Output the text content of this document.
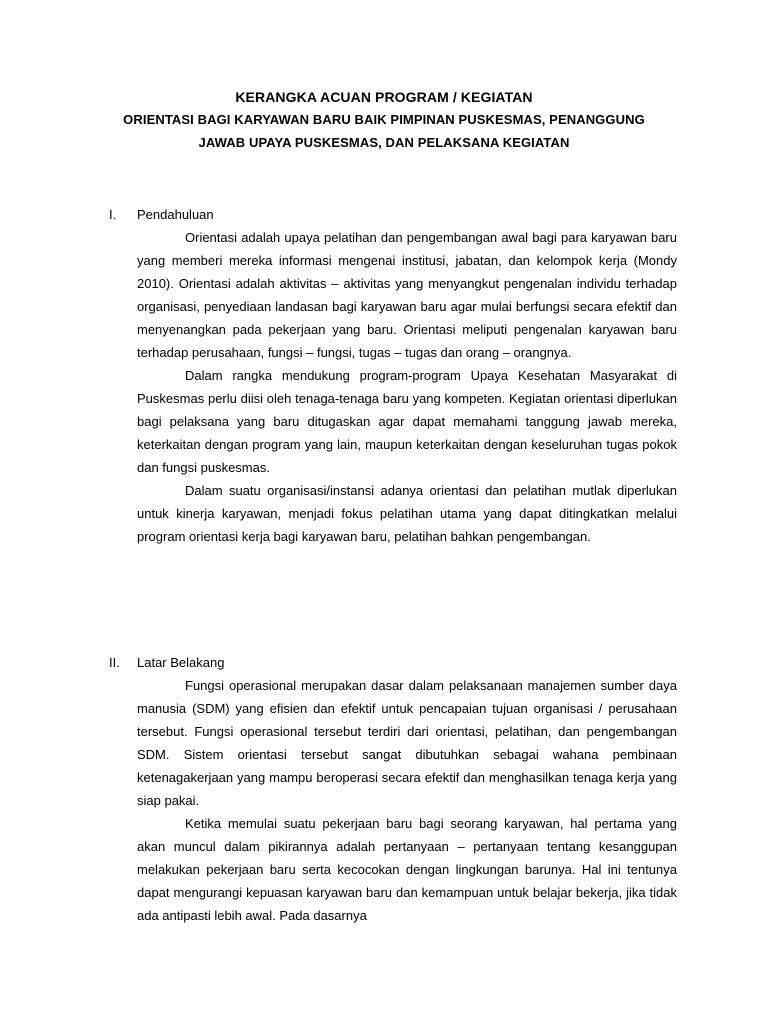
KERANGKA ACUAN PROGRAM / KEGIATAN
ORIENTASI BAGI KARYAWAN BARU BAIK PIMPINAN PUSKESMAS, PENANGGUNG
JAWAB UPAYA PUSKESMAS, DAN PELAKSANA KEGIATAN
I. Pendahuluan

Orientasi adalah upaya pelatihan dan pengembangan awal bagi para karyawan baru yang memberi mereka informasi mengenai institusi, jabatan, dan kelompok kerja (Mondy 2010). Orientasi adalah aktivitas – aktivitas yang menyangkut pengenalan individu terhadap organisasi, penyediaan landasan bagi karyawan baru agar mulai berfungsi secara efektif dan menyenangkan pada pekerjaan yang baru. Orientasi meliputi pengenalan karyawan baru terhadap perusahaan, fungsi – fungsi, tugas – tugas dan orang – orangnya.

Dalam rangka mendukung program-program Upaya Kesehatan Masyarakat di Puskesmas perlu diisi oleh tenaga-tenaga baru yang kompeten. Kegiatan orientasi diperlukan bagi pelaksana yang baru ditugaskan agar dapat memahami tanggung jawab mereka, keterkaitan dengan program yang lain, maupun keterkaitan dengan keseluruhan tugas pokok dan fungsi puskesmas.

Dalam suatu organisasi/instansi adanya orientasi dan pelatihan mutlak diperlukan untuk kinerja karyawan, menjadi fokus pelatihan utama yang dapat ditingkatkan melalui program orientasi kerja bagi karyawan baru, pelatihan bahkan pengembangan.

II. Latar Belakang

Fungsi operasional merupakan dasar dalam pelaksanaan manajemen sumber daya manusia (SDM) yang efisien dan efektif untuk pencapaian tujuan organisasi / perusahaan tersebut. Fungsi operasional tersebut terdiri dari orientasi, pelatihan, dan pengembangan SDM. Sistem orientasi tersebut sangat dibutuhkan sebagai wahana pembinaan ketenagakerjaan yang mampu beroperasi secara efektif dan menghasilkan tenaga kerja yang siap pakai.

Ketika memulai suatu pekerjaan baru bagi seorang karyawan, hal pertama yang akan muncul dalam pikirannya adalah pertanyaan – pertanyaan tentang kesanggupan melakukan pekerjaan baru serta kecocokan dengan lingkungan barunya. Hal ini tentunya dapat mengurangi kepuasan karyawan baru dan kemampuan untuk belajar bekerja, jika tidak ada antipasti lebih awal. Pada dasarnya
